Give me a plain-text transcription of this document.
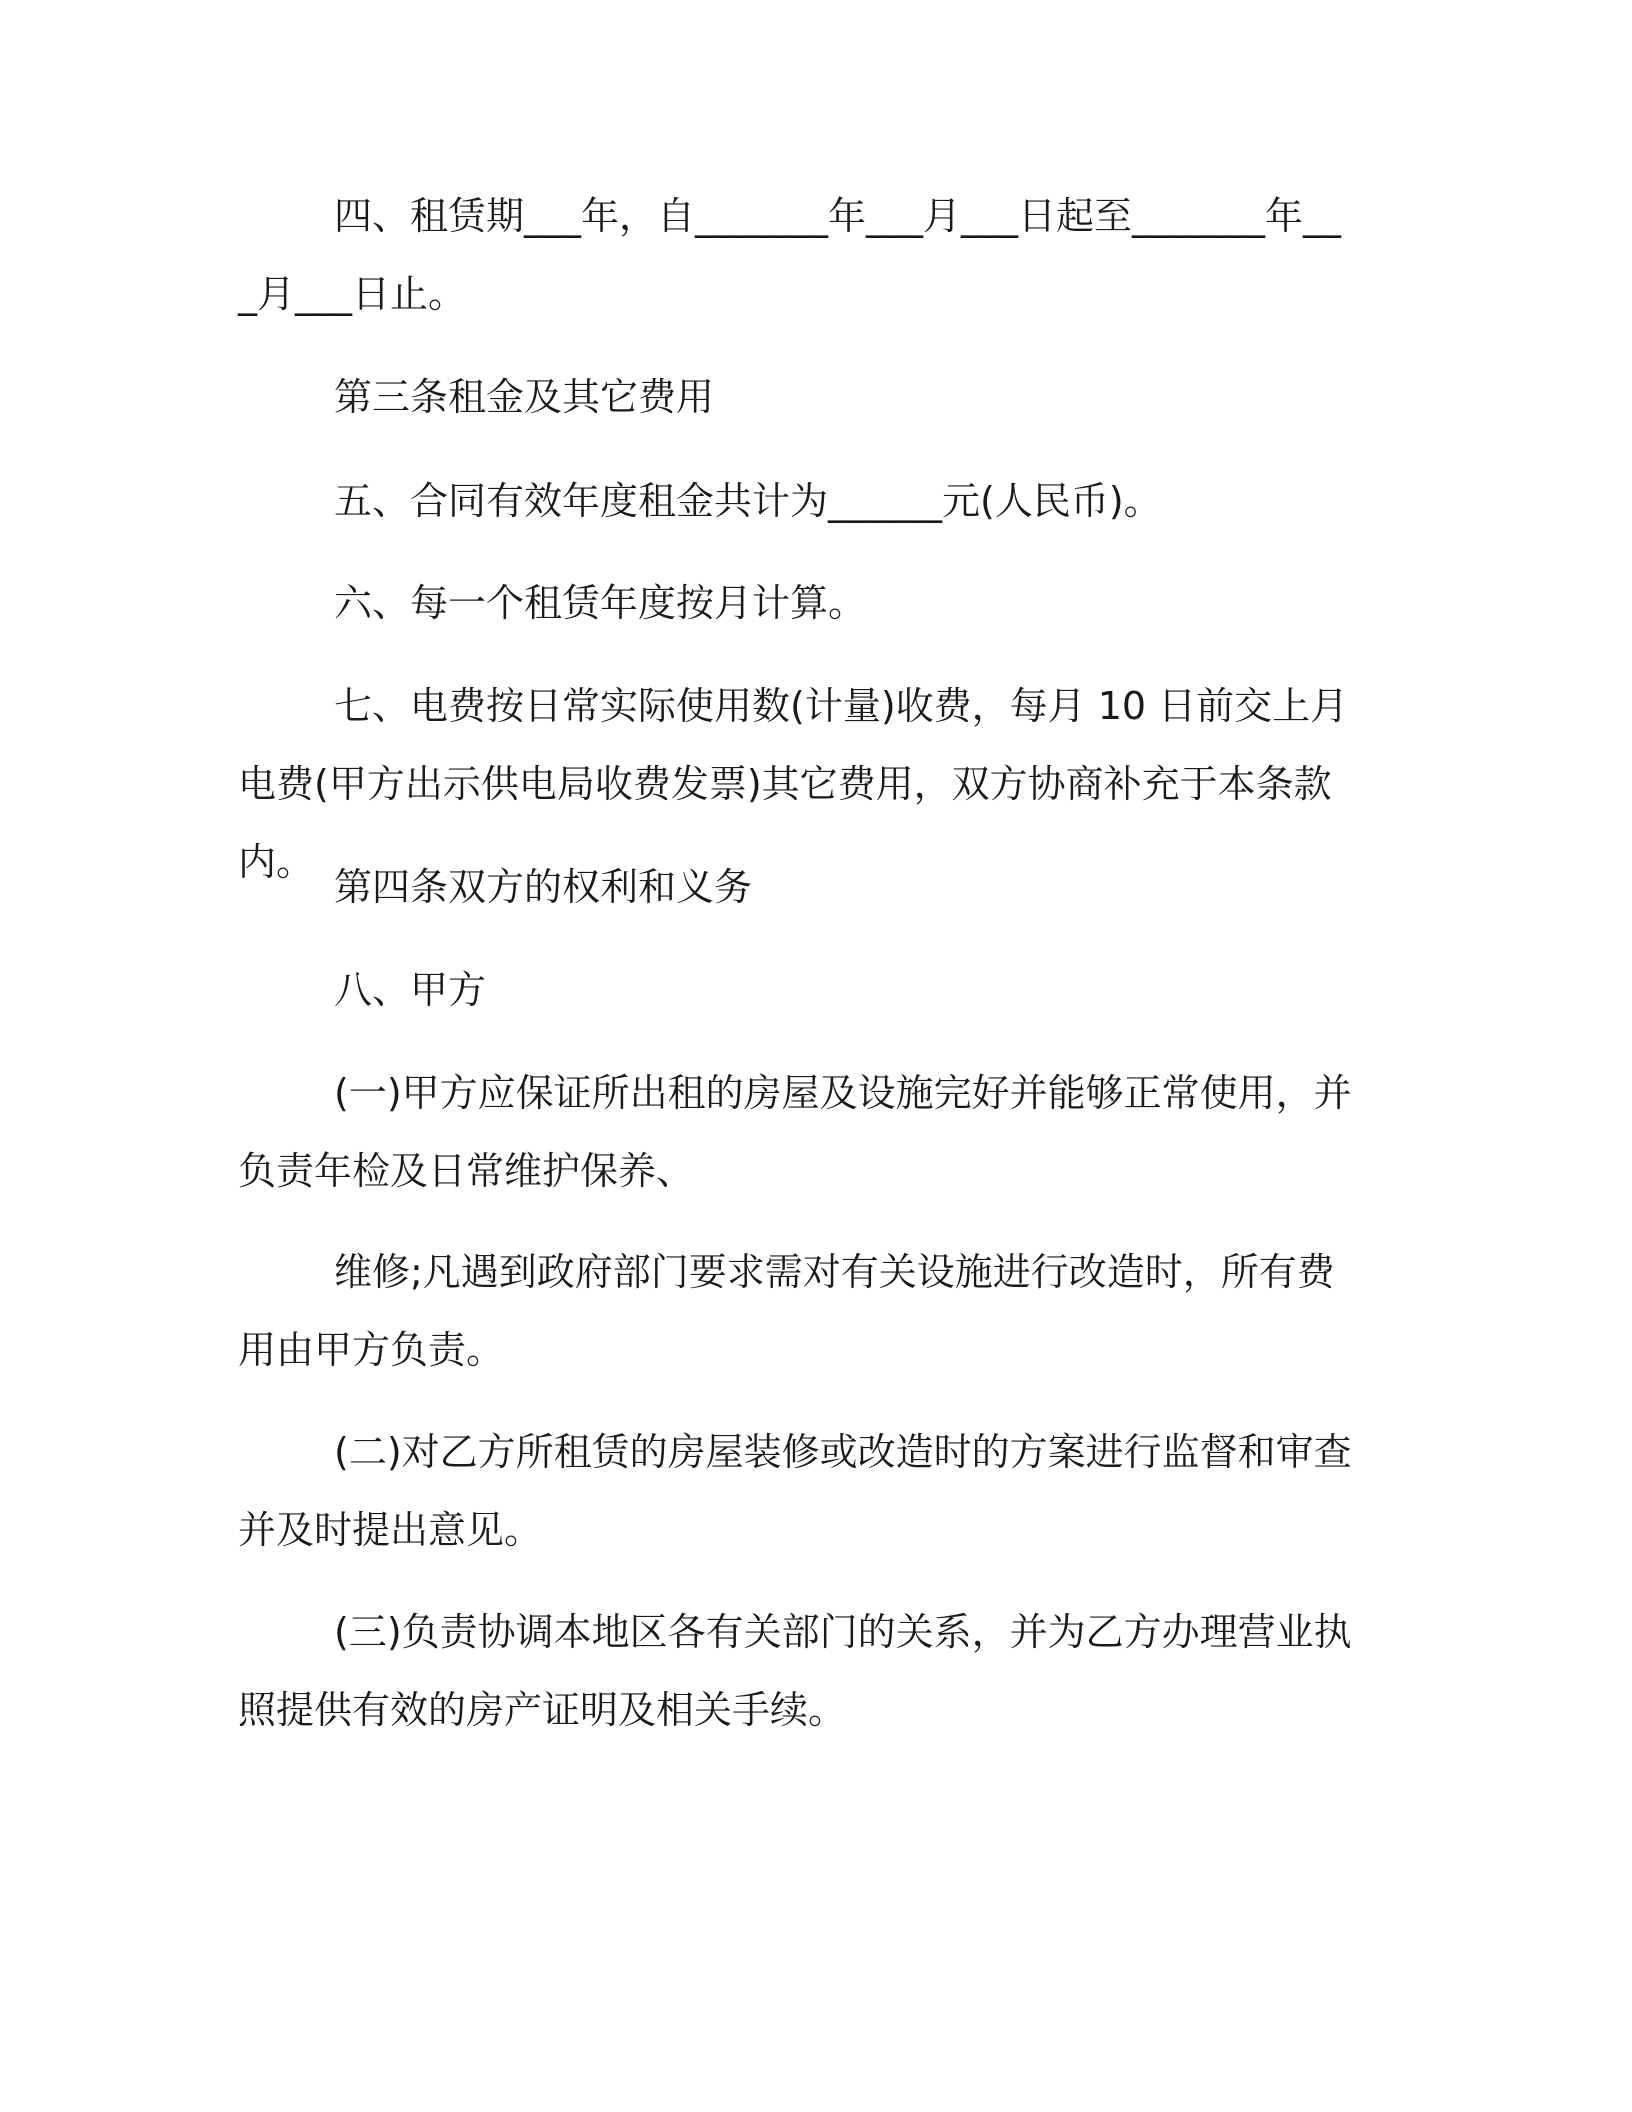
四、租赁期___年，自_______年___月___日起至_______年___月___日止。

第三条租金及其它费用

五、合同有效年度租金共计为______元(人民币)。

六、每一个租赁年度按月计算。

七、电费按日常实际使用数(计量)收费，每月 10 日前交上月电费(甲方出示供电局收费发票)其它费用，双方协商补充于本条款内。

第四条双方的权利和义务

八、甲方

(一)甲方应保证所出租的房屋及设施完好并能够正常使用，并负责年检及日常维护保养、

维修;凡遇到政府部门要求需对有关设施进行改造时，所有费用由甲方负责。

(二)对乙方所租赁的房屋装修或改造时的方案进行监督和审查并及时提出意见。

(三)负责协调本地区各有关部门的关系，并为乙方办理营业执照提供有效的房产证明及相关手续。
